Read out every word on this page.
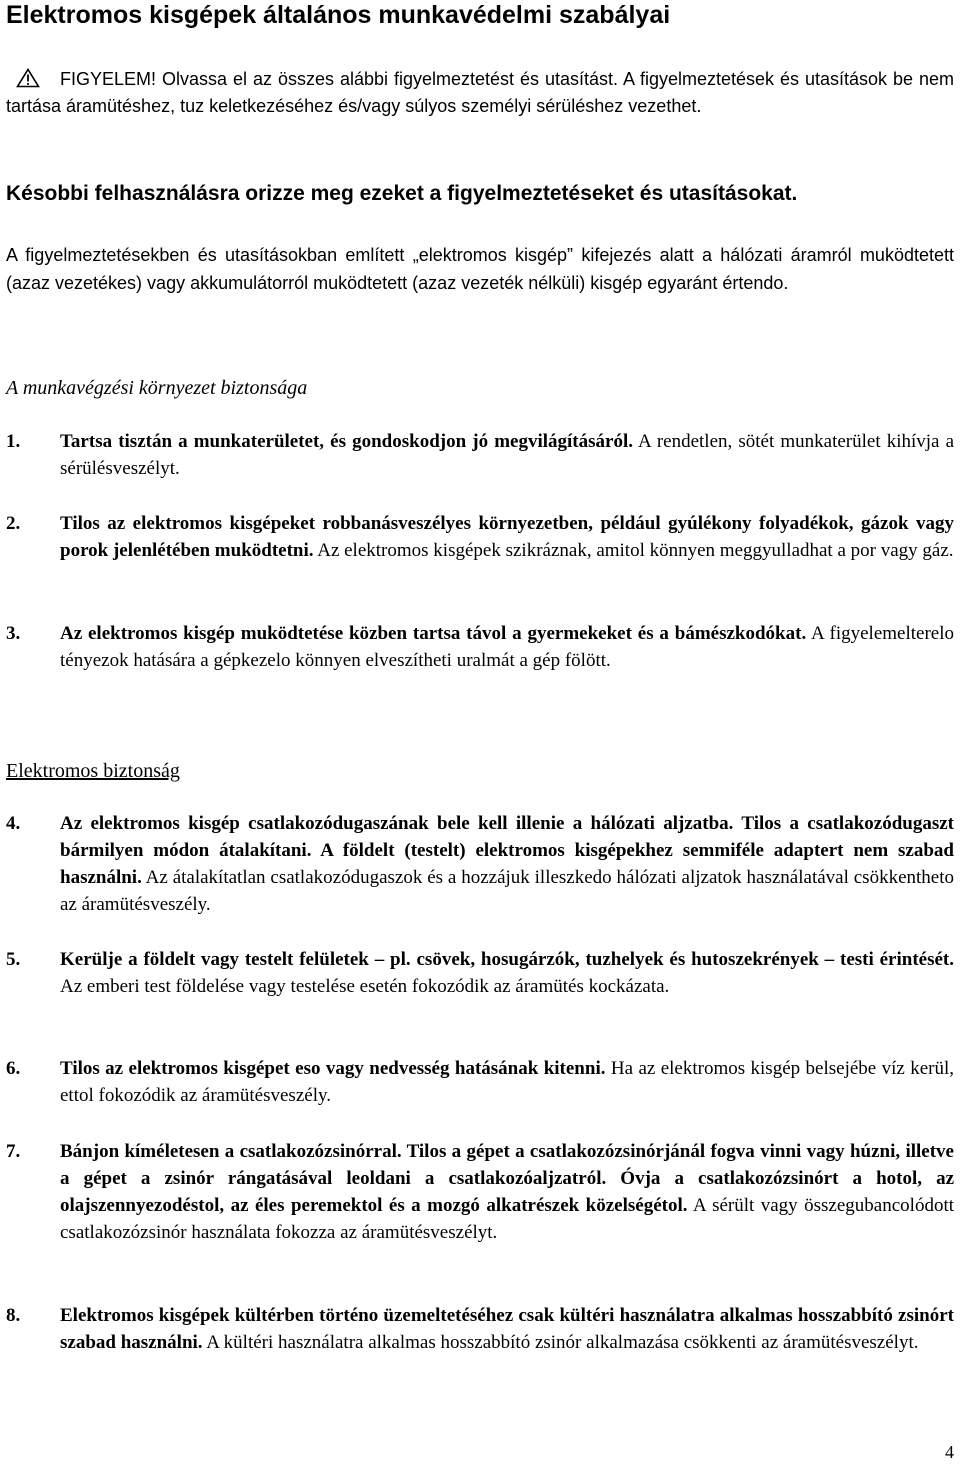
Elektromos kisgépek általános munkavédelmi szabályai

FIGYELEM! Olvassa el az összes alábbi figyelmeztetést és utasítást. A figyelmeztetések és utasítások be nem tartása áramütéshez, tuz keletkezéséhez és/vagy súlyos személyi sérüléshez vezethet.

Késobbi felhasználásra orizze meg ezeket a figyelmeztetéseket és utasításokat.

A figyelmeztetésekben és utasításokban említett „elektromos kisgép” kifejezés alatt a hálózati áramról muködtetett (azaz vezetékes) vagy akkumulátorról muködtetett (azaz vezeték nélküli) kisgép egyaránt értendo.

A munkavégzési környezet biztonsága

1. Tartsa tisztán a munkaterületet, és gondoskodjon jó megvilágításáról. A rendetlen, sötét munkaterület kihívja a sérülésveszélyt.
2. Tilos az elektromos kisgépeket robbanásveszélyes környezetben, például gyúlékony folyadékok, gázok vagy porok jelenlétében muködtetni. Az elektromos kisgépek szikráznak, amitol könnyen meggyulladhat a por vagy gáz.
3. Az elektromos kisgép muködtetése közben tartsa távol a gyermekeket és a bámészkodókat. A figyelemelterelo tényezok hatására a gépkezelo könnyen elveszítheti uralmát a gép fölött.

Elektromos biztonság

4. Az elektromos kisgép csatlakozódugaszának bele kell illenie a hálózati aljzatba. Tilos a csatlakozódugaszt bármilyen módon átalakítani. A földelt (testelt) elektromos kisgépekhez semmiféle adaptert nem szabad használni. Az átalakítatlan csatlakozódugaszok és a hozzájuk illeszkedo hálózati aljzatok használatával csökkentheto az áramütésveszély.
5. Kerülje a földelt vagy testelt felületek – pl. csövek, hosugárzók, tuzhelyek és hutoszekrények – testi érintését. Az emberi test földelése vagy testelése esetén fokozódik az áramütés kockázata.
6. Tilos az elektromos kisgépet eso vagy nedvesség hatásának kitenni. Ha az elektromos kisgép belsejébe víz kerül, ettol fokozódik az áramütésveszély.
7. Bánjon kíméletesen a csatlakozózsinórral. Tilos a gépet a csatlakozózsinórjánál fogva vinni vagy húzni, illetve a gépet a zsinór rángatásával leoldani a csatlakozóaljzatról. Óvja a csatlakozózsinórt a hotol, az olajszennyezodéstol, az éles peremektol és a mozgó alkatrészek közelségétol. A sérült vagy összegubancolódott csatlakozózsinór használata fokozza az áramütésveszélyt.
8. Elektromos kisgépek kültérben történo üzemeltetéséhez csak kültéri használatra alkalmas hosszabbító zsinórt szabad használni. A kültéri használatra alkalmas hosszabbító zsinór alkalmazása csökkenti az áramütésveszélyt.
4
